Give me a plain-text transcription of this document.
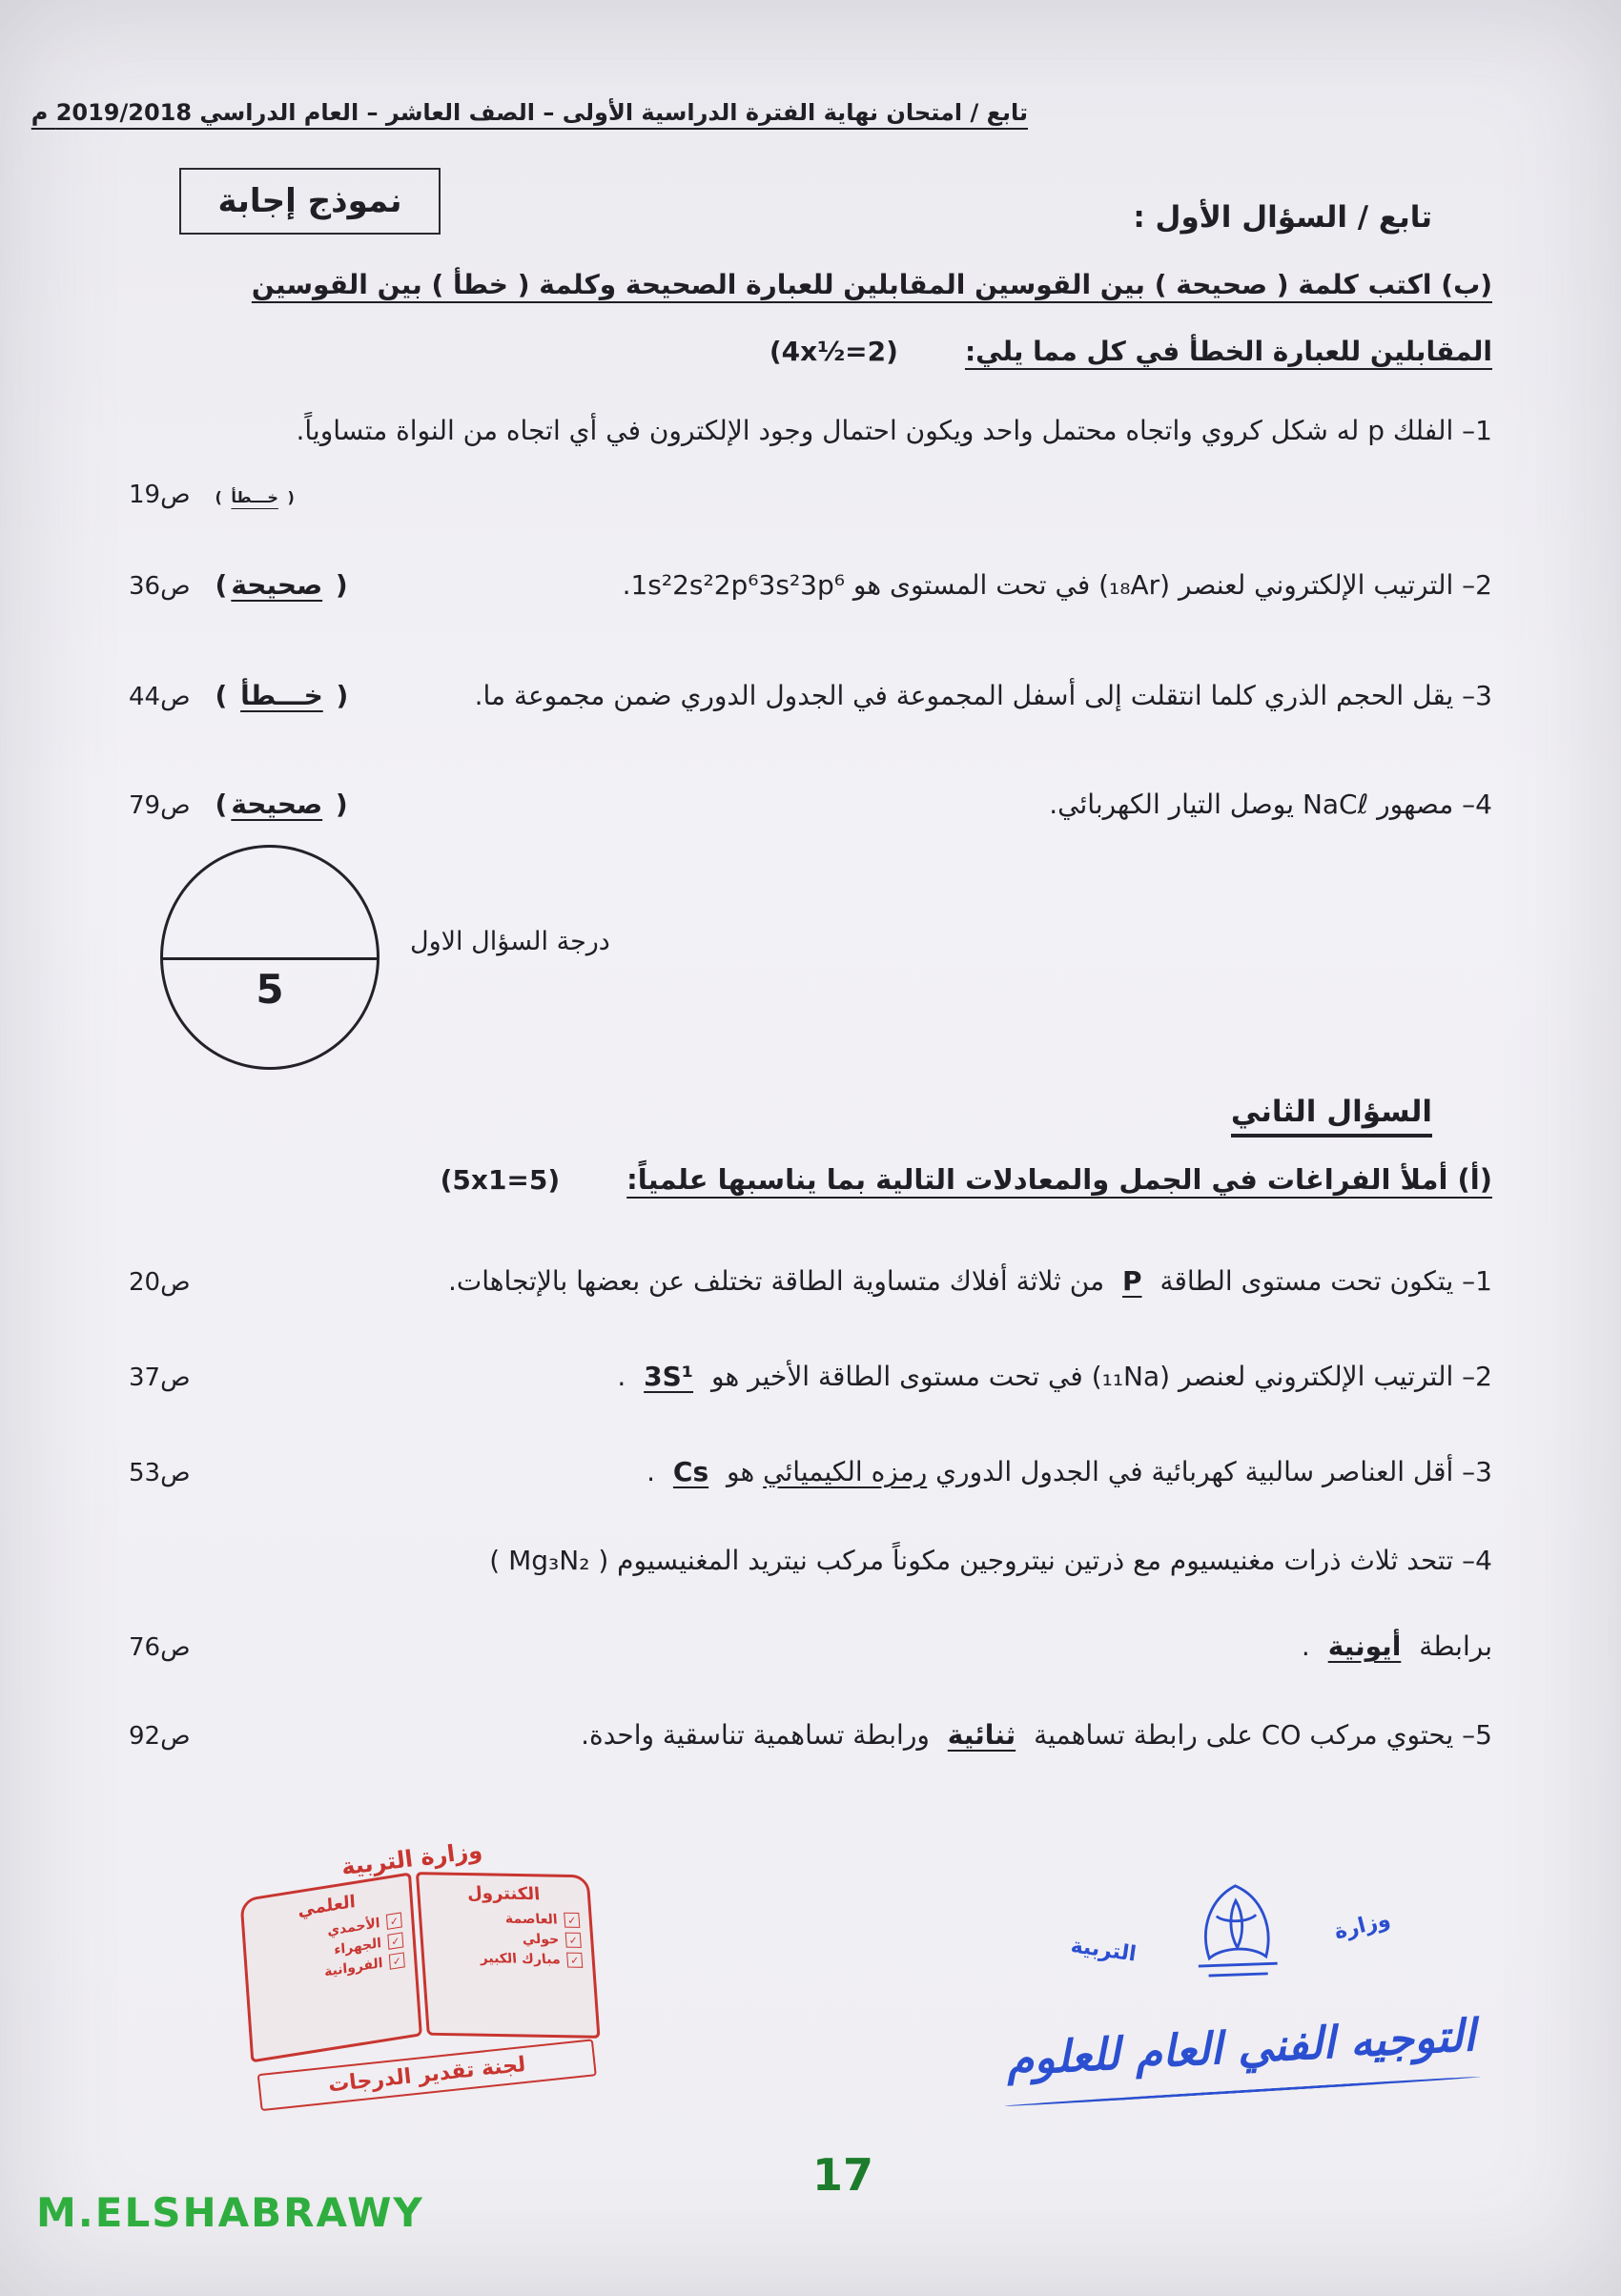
تابع / امتحان نهاية الفترة الدراسية الأولى – الصف العاشر – العام الدراسي 2019/2018 م
نموذج إجابة	تابع / السؤال الأول :
(ب) اكتب كلمة ( صحيحة ) بين القوسين المقابلين للعبارة الصحيحة وكلمة ( خطأ ) بين القوسين
المقابلين للعبارة الخطأ في كل مما يلي:
(4x½=2)
1– الفلك p له شكل كروي واتجاه محتمل واحد ويكون احتمال وجود الإلكترون في أي اتجاه من النواة متساوياً.
( خـــطأ )
ص19
2– الترتيب الإلكتروني لعنصر (₁₈Ar) في تحت المستوى هو 1s²2s²2p⁶3s²3p⁶.
( صحيحة)
ص36
3– يقل الحجم الذري كلما انتقلت إلى أسفل المجموعة في الجدول الدوري ضمن مجموعة ما.
( خـــطأ )
ص44
4– مصهور NaCℓ يوصل التيار الكهربائي.
( صحيحة)
ص79
5
درجة السؤال الاول
السؤال الثاني
(أ) أملأ الفراغات في الجمل والمعادلات التالية بما يناسبها علمياً:
(5x1=5)
1– يتكون تحت مستوى الطاقة P من ثلاثة أفلاك متساوية الطاقة تختلف عن بعضها بالإتجاهات.
ص20
2– الترتيب الإلكتروني لعنصر (₁₁Na) في تحت مستوى الطاقة الأخير هو 3S¹ .
ص37
3– أقل العناصر سالبية كهربائية في الجدول الدوري رمزه الكيميائي هو Cs .
ص53
4– تتحد ثلاث ذرات مغنيسيوم مع ذرتين نيتروجين مكوناً مركب نيتريد المغنيسيوم ( Mg₃N₂ )
برابطة أيونية .
ص76
5– يحتوي مركب CO على رابطة تساهمية ثنائية ورابطة تساهمية تناسقية واحدة.
ص92
وزارة التربية
الكنترول
✓
العاصمة
✓
حولي
✓
مبارك الكبير
العلمي
✓
الأحمدي
✓
الجهراء
✓
الفروانية
لجنة تقدير الدرجات
وزارة
التربية
التوجيه الفني العام للعلوم
17
M.ELSHABRAWY
